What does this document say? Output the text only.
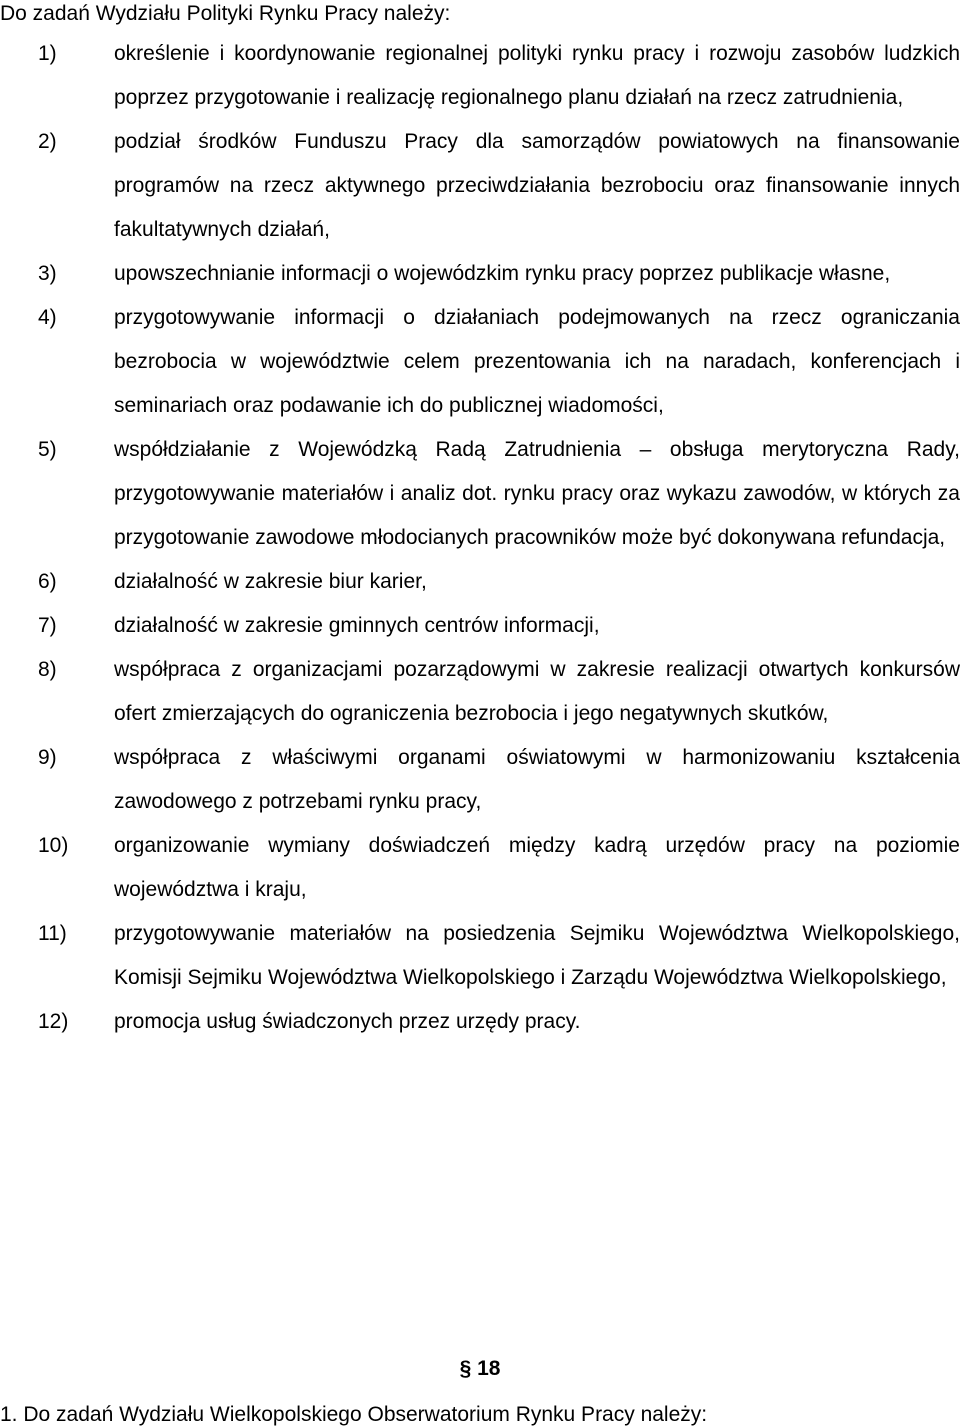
Do zadań Wydziału Polityki Rynku Pracy należy:
1)	określenie i koordynowanie regionalnej polityki rynku pracy i rozwoju zasobów ludzkich poprzez przygotowanie i realizację regionalnego planu działań na rzecz zatrudnienia,
2)	podział środków Funduszu Pracy dla samorządów powiatowych na finansowanie programów na rzecz aktywnego przeciwdziałania bezrobociu oraz finansowanie innych fakultatywnych działań,
3)	upowszechnianie informacji o wojewódzkim rynku pracy poprzez publikacje własne,
4)	przygotowywanie informacji o działaniach podejmowanych na rzecz ograniczania bezrobocia w województwie celem prezentowania ich na naradach, konferencjach i seminariach oraz podawanie ich do publicznej wiadomości,
5)	współdziałanie z Wojewódzką Radą Zatrudnienia – obsługa merytoryczna Rady, przygotowywanie materiałów i analiz dot. rynku pracy oraz wykazu zawodów, w których za przygotowanie zawodowe młodocianych pracowników może być dokonywana refundacja,
6)	działalność w zakresie biur karier,
7)	działalność w zakresie gminnych centrów informacji,
8)	współpraca z organizacjami pozarządowymi w zakresie realizacji otwartych konkursów ofert zmierzających do ograniczenia bezrobocia i jego negatywnych skutków,
9)	współpraca z właściwymi organami oświatowymi w harmonizowaniu kształcenia zawodowego z potrzebami rynku pracy,
10)	organizowanie wymiany doświadczeń między kadrą urzędów pracy na poziomie województwa i kraju,
11)	przygotowywanie materiałów na posiedzenia Sejmiku Województwa Wielkopolskiego, Komisji Sejmiku Województwa Wielkopolskiego i Zarządu Województwa Wielkopolskiego,
12)	promocja usług świadczonych przez urzędy pracy.
§ 18
1. Do zadań Wydziału Wielkopolskiego Obserwatorium Rynku Pracy należy:
